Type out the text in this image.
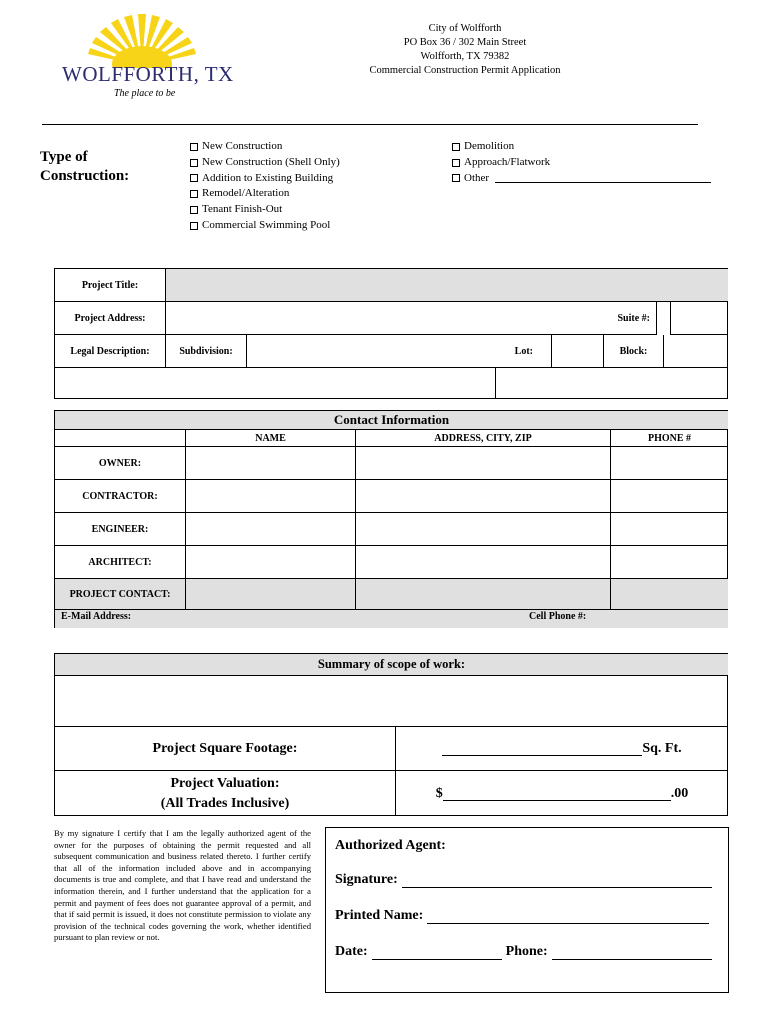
WOLFFORTH, TX
The place to be
City of Wolfforth
PO Box 36 / 302 Main Street
Wolfforth, TX 79382
Commercial Construction Permit Application
Type of
Construction:
New Construction
New Construction (Shell Only)
Addition to Existing Building
Remodel/Alteration
Tenant Finish-Out
Commercial Swimming Pool
Demolition
Approach/Flatwork
Other
Project Title:
Project Address:	Suite #:
Legal Description:	Subdivision:	Lot:	Block:
Contact Information
NAME	ADDRESS, CITY, ZIP	PHONE #
OWNER:
CONTRACTOR:
ENGINEER:
ARCHITECT:
PROJECT CONTACT:
E-Mail Address:	Cell Phone #:
Summary of scope of work:
Project Square Footage:	Sq. Ft.
Project Valuation:
(All Trades Inclusive)
$	.00
By my signature I certify that I am the legally authorized agent of the owner for the purposes of obtaining the permit requested and all subsequent communication and business related thereto. I further certify that all of the information included above and in accompanying documents is true and complete, and that I have read and understand the information therein, and I further understand that the application for a permit and payment of fees does not guarantee approval of a permit, and that if said permit is issued, it does not constitute permission to violate any provision of the technical codes governing the work, whether identified pursuant to plan review or not.
Authorized Agent:
Signature:
Printed Name:
Date:	Phone:
